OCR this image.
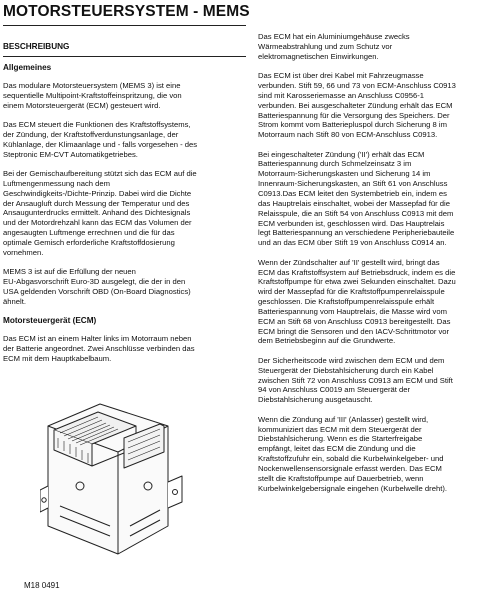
MOTORSTEUERSYSTEM - MEMS
BESCHREIBUNG
Allgemeines

Das modulare Motorsteuersystem (MEMS 3) ist eine

sequentielle Multipoint-Kraftstoffeinspritzung, die von

einem Motorsteuergerät (ECM) gesteuert wird.

Das ECM steuert die Funktionen des Kraftstoffsystems,

der Zündung, der Kraftstoffverdunstungsanlage, der

Kühlanlage, der Klimaanlage und - falls vorgesehen - des

Steptronic EM-CVT Automatikgetriebes.

Bei der Gemischaufbereitung stützt sich das ECM auf die

Luftmengenmessung nach dem

Geschwindigkeits-/Dichte-Prinzip. Dabei wird die Dichte

der Ansaugluft durch Messung der Temperatur und des

Ansaugunterdrucks ermittelt. Anhand des Dichtesignals

und der Motordrehzahl kann das ECM das Volumen der

angesaugten Luftmenge errechnen und die für das

optimale Gemisch erforderliche Kraftstoffdosierung

vornehmen.

MEMS 3 ist auf die Erfüllung der neuen

EU-Abgasvorschrift Euro-3D ausgelegt, die der in den

USA geldenden Vorschrift OBD (On-Board Diagnostics)

ähnelt.

Motorsteuergerät (ECM)

Das ECM ist an einem Halter links im Motorraum neben

der Batterie angeordnet. Zwei Anschlüsse verbinden das

ECM mit dem Hauptkabelbaum.

M18 0491

Das ECM hat ein Aluminiumgehäuse zwecks

Wärmeabstrahlung und zum Schutz vor

elektromagnetischen Einwirkungen.

Das ECM ist über drei Kabel mit Fahrzeugmasse

verbunden. Stift 59, 66 und 73 von ECM-Anschluss C0913

sind mit Karosseriemasse an Anschluss C0956-1

verbunden. Bei ausgeschalteter Zündung erhält das ECM

Batteriespannung für die Versorgung des Speichers. Der

Strom kommt vom Batteriepluspol durch Sicherung 8 im

Motorraum nach Stift 80 von ECM-Anschluss C0913.

Bei eingeschalteter Zündung ('II') erhält das ECM

Batteriespannung durch Schmelzeinsatz 3 im

Motorraum-Sicherungskasten und Sicherung 14 im

Innenraum-Sicherungskasten, an Stift 61 von Anschluss

C0913.Das ECM leitet den Systembetrieb ein, indem es

das Hauptrelais einschaltet, wobei der Massepfad für die

Relaisspule, die an Stift 54 von Anschluss C0913 mit dem

ECM verbunden ist, geschlossen wird. Das Hauptrelais

legt Batteriespannung an verschiedene Peripheriebauteile

und an das ECM über Stift 19 von Anschluss C0914 an.

Wenn der Zündschalter auf 'II' gestellt wird, bringt das

ECM das Kraftstoffsystem auf Betriebsdruck, indem es die

Kraftstoffpumpe für etwa zwei Sekunden einschaltet. Dazu

wird der Massepfad für die Kraftstoffpumpenrelaisspule

geschlossen. Die Kraftstoffpumpenrelaisspule erhält

Batteriespannung vom Hauptrelais, die Masse wird vom

ECM an Stift 68 von Anschluss C0913 bereitgestellt. Das

ECM bringt die Sensoren und den IACV-Schrittmotor vor

dem Betriebsbeginn auf die Grundwerte.

Der Sicherheitscode wird zwischen dem ECM und dem

Steuergerät der Diebstahlsicherung durch ein Kabel

zwischen Stift 72 von Anschluss C0913 am ECM und Stift

94 von Anschluss C0019 am Steuergerät der

Diebstahlsicherung ausgetauscht.

Wenn die Zündung auf 'III' (Anlasser) gestellt wird,

kommuniziert das ECM mit dem Steuergerät der

Diebstahlsicherung. Wenn es die Starterfreigabe

empfängt, leitet das ECM die Zündung und die

Kraftstoffzufuhr ein, sobald die Kurbelwinkelgeber- und

Nockenwellensensorsignale erfasst werden. Das ECM

stellt die Kraftstoffpumpe auf Dauerbetrieb, wenn

Kurbelwinkelgebersignale eingehen (Kurbelwelle dreht).
